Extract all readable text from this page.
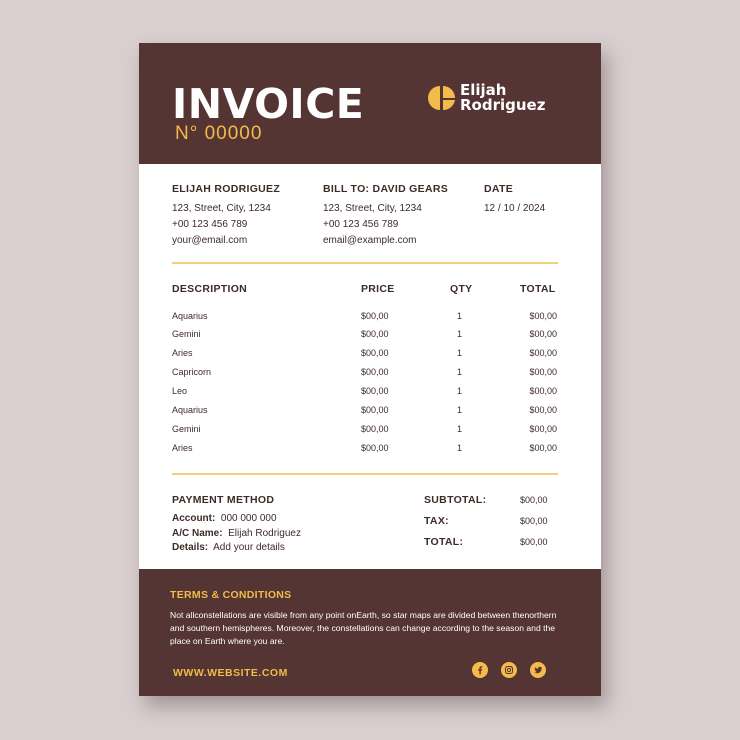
INVOICE
N° 00000
Elijah
Rodriguez
ELIJAH RODRIGUEZ
123, Street, City, 1234
+00 123 456 789
your@email.com
BILL TO: DAVID GEARS
123, Street, City, 1234
+00 123 456 789
email@example.com
DATE
12 / 10 / 2024
DESCRIPTION	PRICE	QTY	TOTAL
Aquarius	$00,00	1	$00,00
Gemini	$00,00	1	$00,00
Aries	$00,00	1	$00,00
Capricorn	$00,00	1	$00,00
Leo	$00,00	1	$00,00
Aquarius	$00,00	1	$00,00
Gemini	$00,00	1	$00,00
Aries	$00,00	1	$00,00
PAYMENT METHOD
Account: 000 000 000
A/C Name: Elijah Rodriguez
Details: Add your details
SUBTOTAL:	$00,00
TAX:	$00,00
TOTAL:	$00,00
TERMS & CONDITIONS
Not allconstellations are visible from any point onEarth, so star maps are divided between thenorthern and southern hemispheres. Moreover, the constellations can change according to the season and the place on Earth where you are.
WWW.WEBSITE.COM
